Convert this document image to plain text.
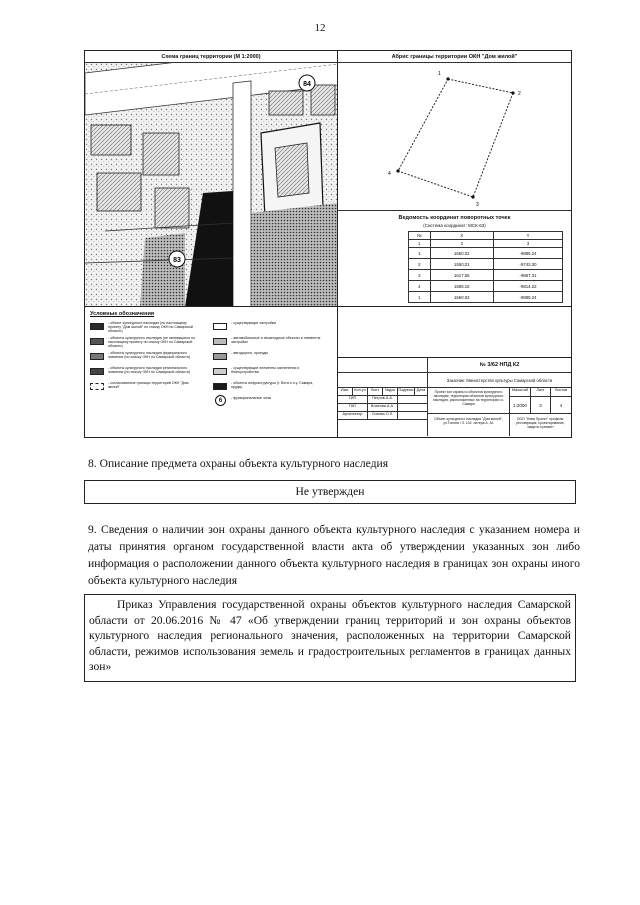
12
Схема границ территории (М 1:2000)
84
83
Абрис границы территории ОКН "Дом жилой"
1
2
3
4
Ведомость координат поворотных точек
(Система координат: МСК-63)
№	X	Y
1	2	3
1	1560.02	-9885.24
2	1550.01	-9742.30
3	1617.55	-9867.31
4	1585.15	-9814.22
1	1560.02	-9885.24
Условные обозначения
- объект культурного наследия (по настоящему проекту "Дом жилой" по списку ОКН по Самарской области)
- объекты культурного наследия (не являющиеся по настоящему проекту по списку ОКН по Самарской области)
- объекты культурного наследия федерального значения (по списку ОКН по Самарской области)
- объекты культурного наследия регионального значения (по списку ОКН по Самарской области)
- согласованные границы территорий ОКН "Дом жилой"
- существующие застройки
- автомобильные и пешеходные объекты и элементы застройки
- автодороги, проезды
- существующие элементы озеленения и благоустройства
- объекты инфраструктуры (г. Вега и о.у. Самара, пруды)
6	- функциональные зоны
№ 3/62 НПД К2
Заказчик: Министерство культуры Самарской области
Изм.	Кол.уч	Лист	№док Подпись Дата
ГИП	Петров А.А.
ГАП	Власова А.А.
Архитектор	Сизова О.Л.
Проект зон охраны и объектов культурного наследия, территории объектов культурного наследия, расположенных на территории г.о. Самара
Масштаб	Лист	Листов
1:2000	3	4
Объект культурного наследия "Дом жилой", ул.Тополя / Л. 102, литера А, А1
ООО "Нова Проект" профиль: реставрация, проектирование, защита и ремонт
8. Описание предмета охраны объекта культурного наследия
Не утвержден
9. Сведения о наличии зон охраны данного объекта культурного наследия с указанием номера и даты принятия органом государственной власти акта об утверждении указанных зон либо информация о расположении данного объекта культурного наследия в границах зон охраны иного объекта культурного наследия
Приказ Управления государственной охраны объектов культурного наследия Самарской области от 20.06.2016 № 47 «Об утверждении границ территорий и зон охраны объектов культурного наследия регионального значения, расположенных на территории Самарской области, режимов использования земель и градостроительных регламентов в границах данных зон»
